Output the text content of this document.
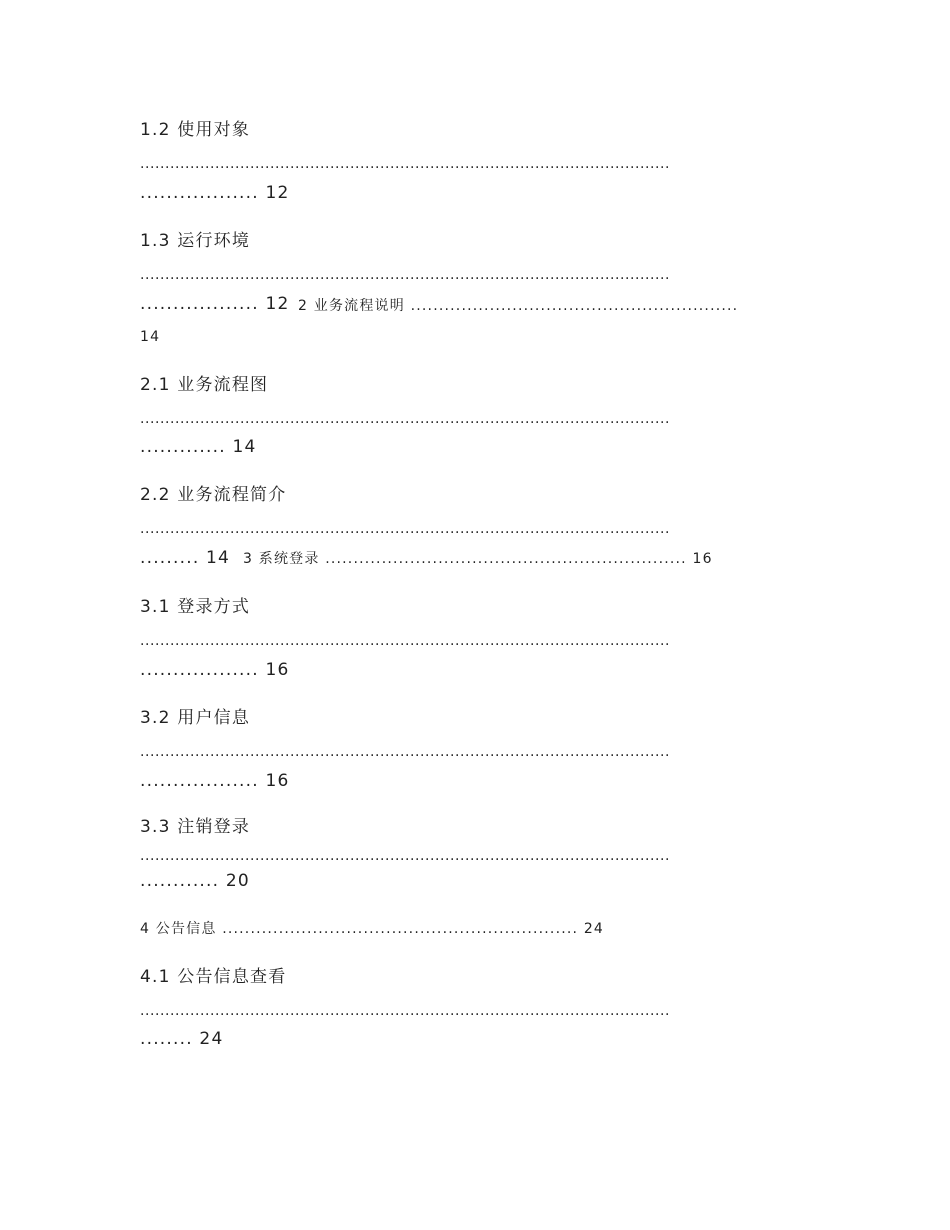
1.2 使用对象
..........................................................................................................
.................. 12
1.3 运行环境
..........................................................................................................
.................. 12 2 业务流程说明 ..........................................................
14
2.1 业务流程图
..........................................................................................................
............. 14
2.2 业务流程简介
..........................................................................................................
......... 14 3 系统登录 ................................................................ 16
3.1 登录方式
..........................................................................................................
.................. 16
3.2 用户信息
..........................................................................................................
.................. 16
3.3 注销登录
..........................................................................................................
............ 20
4 公告信息 ............................................................... 24
4.1 公告信息查看
..........................................................................................................
........ 24
